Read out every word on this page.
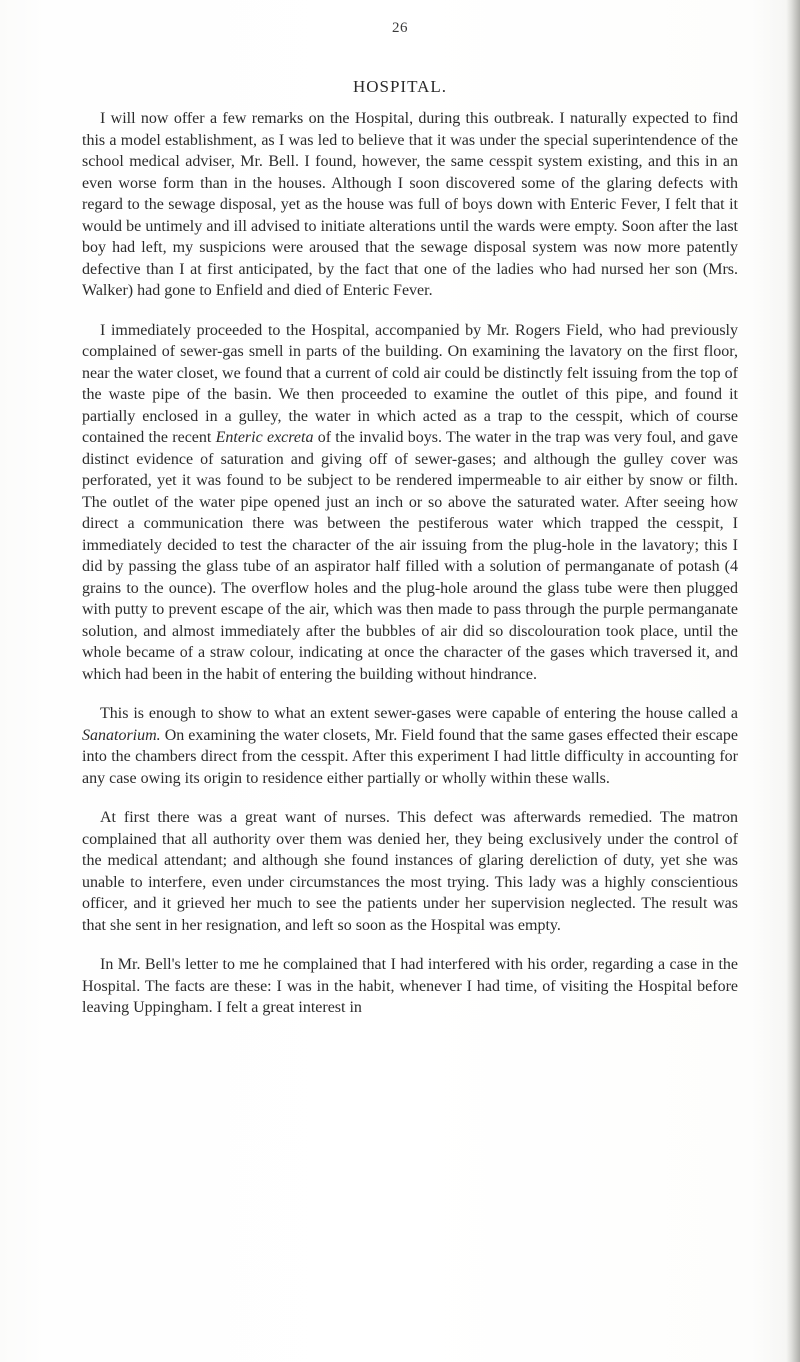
26
HOSPITAL.

I will now offer a few remarks on the Hospital, during this outbreak. I naturally expected to find this a model establishment, as I was led to believe that it was under the special superintendence of the school medical adviser, Mr. Bell. I found, however, the same cesspit system existing, and this in an even worse form than in the houses. Although I soon discovered some of the glaring defects with regard to the sewage disposal, yet as the house was full of boys down with Enteric Fever, I felt that it would be untimely and ill advised to initiate alterations until the wards were empty. Soon after the last boy had left, my suspicions were aroused that the sewage disposal system was now more patently defective than I at first anticipated, by the fact that one of the ladies who had nursed her son (Mrs. Walker) had gone to Enfield and died of Enteric Fever.

I immediately proceeded to the Hospital, accompanied by Mr. Rogers Field, who had previously complained of sewer-gas smell in parts of the building. On examining the lavatory on the first floor, near the water closet, we found that a current of cold air could be distinctly felt issuing from the top of the waste pipe of the basin. We then proceeded to examine the outlet of this pipe, and found it partially enclosed in a gulley, the water in which acted as a trap to the cesspit, which of course contained the recent Enteric excreta of the invalid boys. The water in the trap was very foul, and gave distinct evidence of saturation and giving off of sewer-gases; and although the gulley cover was perforated, yet it was found to be subject to be rendered impermeable to air either by snow or filth. The outlet of the water pipe opened just an inch or so above the saturated water. After seeing how direct a communication there was between the pestiferous water which trapped the cesspit, I immediately decided to test the character of the air issuing from the plug-hole in the lavatory; this I did by passing the glass tube of an aspirator half filled with a solution of permanganate of potash (4 grains to the ounce). The overflow holes and the plug-hole around the glass tube were then plugged with putty to prevent escape of the air, which was then made to pass through the purple permanganate solution, and almost immediately after the bubbles of air did so discolouration took place, until the whole became of a straw colour, indicating at once the character of the gases which traversed it, and which had been in the habit of entering the building without hindrance.

This is enough to show to what an extent sewer-gases were capable of entering the house called a Sanatorium. On examining the water closets, Mr. Field found that the same gases effected their escape into the chambers direct from the cesspit. After this experiment I had little difficulty in accounting for any case owing its origin to residence either partially or wholly within these walls.

At first there was a great want of nurses. This defect was afterwards remedied. The matron complained that all authority over them was denied her, they being exclusively under the control of the medical attendant; and although she found instances of glaring dereliction of duty, yet she was unable to interfere, even under circumstances the most trying. This lady was a highly conscientious officer, and it grieved her much to see the patients under her supervision neglected. The result was that she sent in her resignation, and left so soon as the Hospital was empty.

In Mr. Bell's letter to me he complained that I had interfered with his order, regarding a case in the Hospital. The facts are these: I was in the habit, whenever I had time, of visiting the Hospital before leaving Uppingham. I felt a great interest in
